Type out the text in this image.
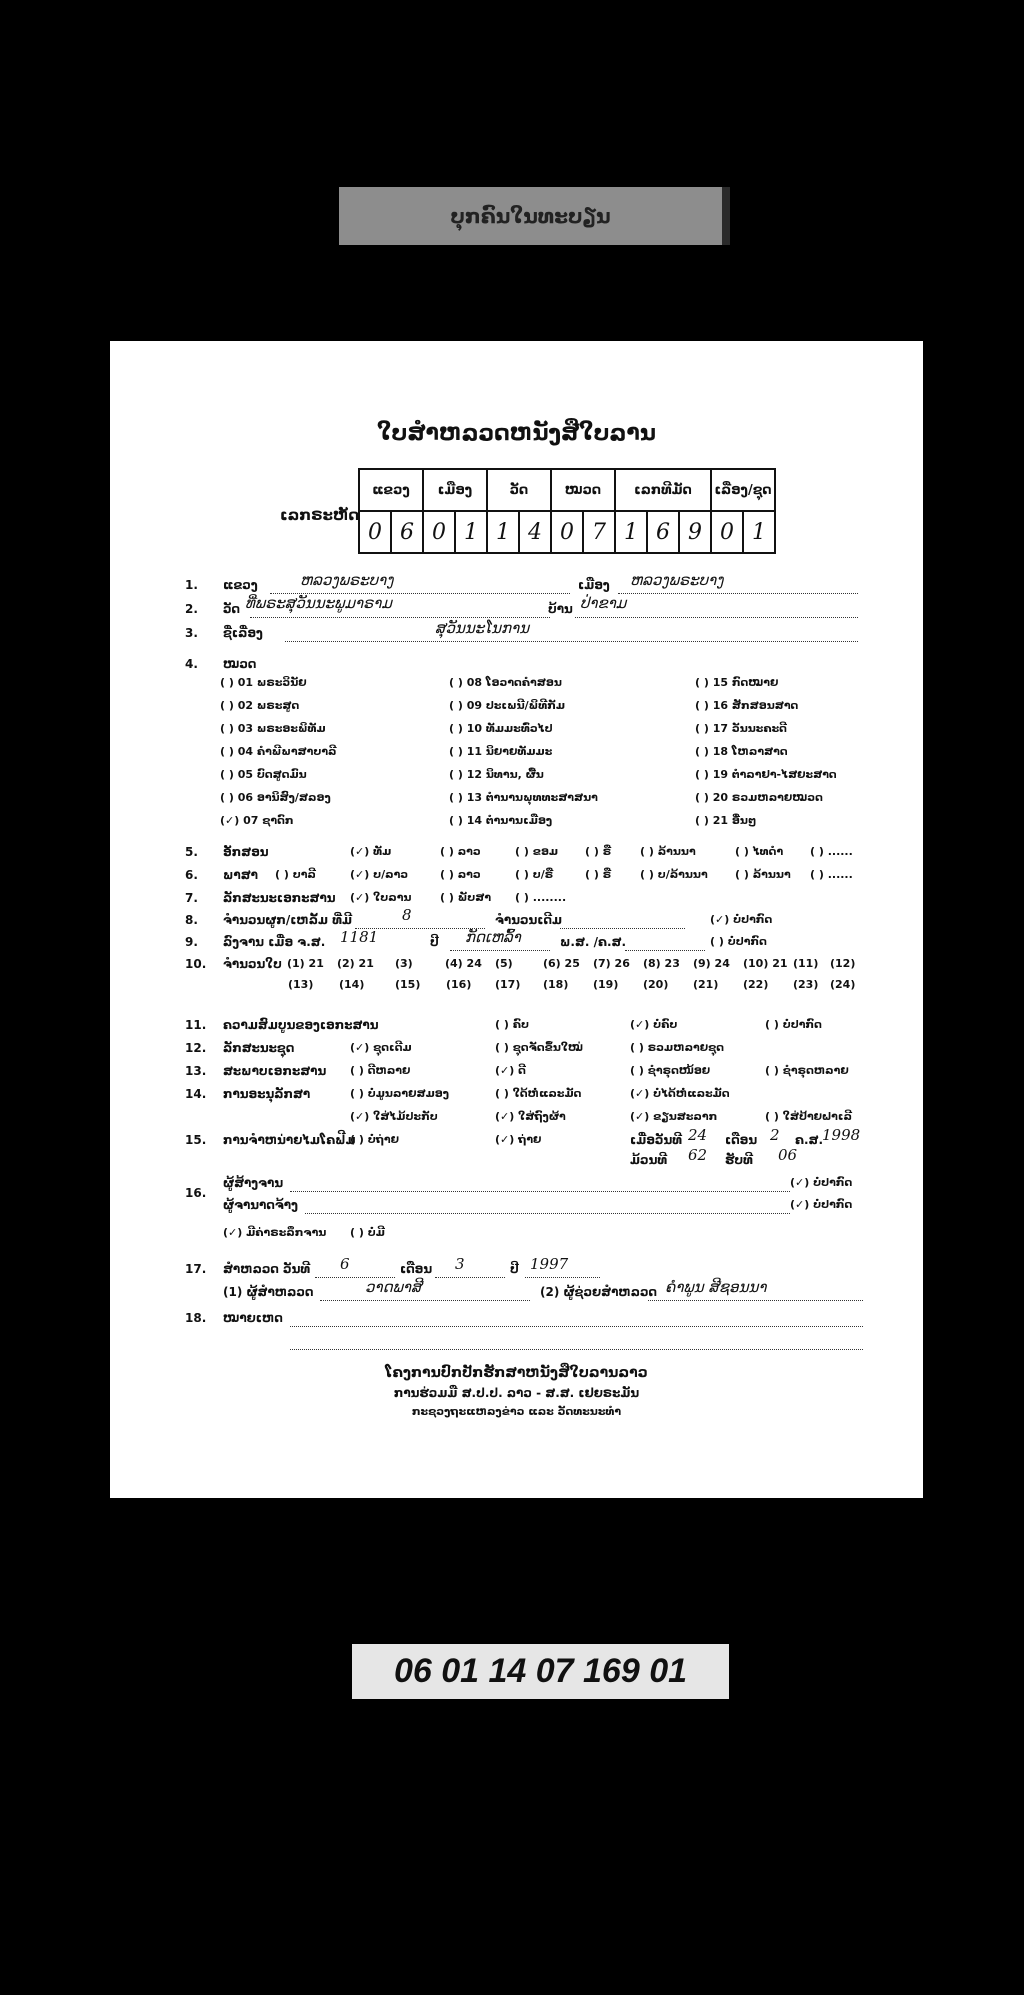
ບຸກຄົນໃນທະບຽນ
ໃບສຳຫລວດຫນັງສືໃບລານ
ເລກຣະຫັດ
ແຂວງ		ເມືອງ		ວັດ		ໝວດ		ເລກທີມັດ			ເລື່ອງ/ຊຸດ	
0	6	0	1	1	4	0	7	1	6	9	0	1
1. ແຂວງ	ຫລວງພຣະບາງ	ເມືອງ ຫລວງພຣະບາງ
2. ວັດ ທີ່ພຣະສຸວັນນະພູມາຣາມ	ບ້ານ ປ່າຂາມ
3. ຊື່ເລື່ອງ	ສຸວັນນະໂນການ
4. ໝວດ
( ) 01 ພຣະວິນັຍ	( ) 08 ໂອວາດຄຳສອນ	( ) 15 ກົດໝາຍ
( ) 02 ພຣະສູດ	( ) 09 ປະເພນີ/ພິທີກັມ	( ) 16 ສັກສອນສາດ
( ) 03 ພຣະອະພິທັມ	( ) 10 ທັມມະທົ່ວໄປ	( ) 17 ວັນນະຄະດີ
( ) 04 ຄຳພີພາສາບາລີ	( ) 11 ນິຍາຍທັມມະ	( ) 18 ໂຫລາສາດ
( ) 05 ບົດສູດມົນ	( ) 12 ນິທານ, ຜື້ນ	( ) 19 ຕຳລາຢາ-ໄສຍະສາດ
( ) 06 ອານິສົງ/ສລອງ	( ) 13 ຕຳນານພຸທທະສາສນາ	( ) 20 ຣວມຫລາຍໝວດ
(✓) 07 ຊາດົກ	( ) 14 ຕຳນານເມືອງ	( ) 21 ອື່ນໆ
5. ອັກສອນ	(✓) ທັມ	( ) ລາວ	( ) ຂອມ ( ) ຣື	( ) ລ້ານນາ	( ) ໄທດຳ ( ) ......
6. ພາສາ ( ) ບາລີ	(✓) ບ/ລາວ	( ) ລາວ	( ) ບ/ຣື	( ) ຣື	( ) ບ/ລ້ານນາ ( ) ລ້ານນາ ( ) ......
7. ລັກສະນະເອກະສານ (✓) ໃບລານ	( ) ພັບສາ ( ) ........
8. ຈຳນວນຜູກ/ເຫລັ້ມ ທີ່ມີ	8	ຈຳນວນເດີມ	(✓) ບໍ່ປາກົດ
9. ລົງຈານ ເມື່ອ ຈ.ສ. 1181	ປີ ກັດເຫລົ້າ	ພ.ສ. /ຄ.ສ.	( ) ບໍ່ປາກົດ
10. ຈຳນວນໃບ (1) 21 (2) 21 (3)	(4) 24 (5)	(6) 25 (7) 26 (8) 23 (9) 24 (10) 21 (11) (12)
(13) (14)	(15) (16) (17) (18) (19) (20) (21) (22) (23) (24)
11. ຄວາມສົມບູນຂອງເອກະສານ	( ) ຄົບ	(✓) ບໍ່ຄົບ	( ) ບໍ່ປາກົດ
12. ລັກສະນະຊຸດ	(✓) ຊຸດເດີມ	( ) ຊຸດຈັດຂຶ້ນໃໝ່	( ) ຣວມຫລາຍຊຸດ
13. ສະພາບເອກະສານ ( ) ດີຫລາຍ	(✓) ດີ	( ) ຊຳຣຸດໜ້ອຍ	( ) ຊຳຣຸດຫລາຍ
14. ການອະນຸລັກສາ	( ) ບໍ່ມູນລາຍສມອງ	( ) ໃດ້ຫໍ່ແລະມັດ	(✓) ບໍ່ໄດ້ຫໍ່ແລະມັດ
(✓) ໃສ່ໄມ້ປະກັບ	(✓) ໃສ່ຖົງຜ້າ	(✓) ຂຽນສະລາກ	( ) ໃສ່ປ້າຍຝາເລີ
15. ການຈຳຫນ່າຍໄມໂຄຟີມ
( ) ບໍ່ຖ່າຍ	(✓) ຖ່າຍ	ເມື່ອວັນທີ 24 ເດືອນ 2 ຄ.ສ.
1998
ມ້ວນທີ 62 ຮັບທີ 06
16.
ຜູ້ສ້າງຈານ	(✓) ບໍ່ປາກົດ
ຜູ້ຈານາດຈ້າງ	(✓) ບໍ່ປາກົດ
(✓) ມີຄ່າຣະລຶກຈານ ( ) ບໍ່ມີ
17. ສຳຫລວດ ວັນທີ 6	ເດືອນ 3	ປີ 1997
(1) ຜູ້ສຳຫລວດ	ວາດພາສີ	(2) ຜູ້ຊ່ວຍສຳຫລວດ ຄຳພູນ ສີຊອນນາ
18. ໝາຍເຫດ
ໂຄງການປົກປັກຮັກສາຫນັງສືໃບລານລາວ
ການຮ່ວມມື ສ.ປ.ປ. ລາວ - ສ.ສ. ເຢຍຣະມັນ
ກະຊວງຖະແຫລງຂ່າວ ແລະ ວັດທະນະທຳ
06 01 14 07 169 01
